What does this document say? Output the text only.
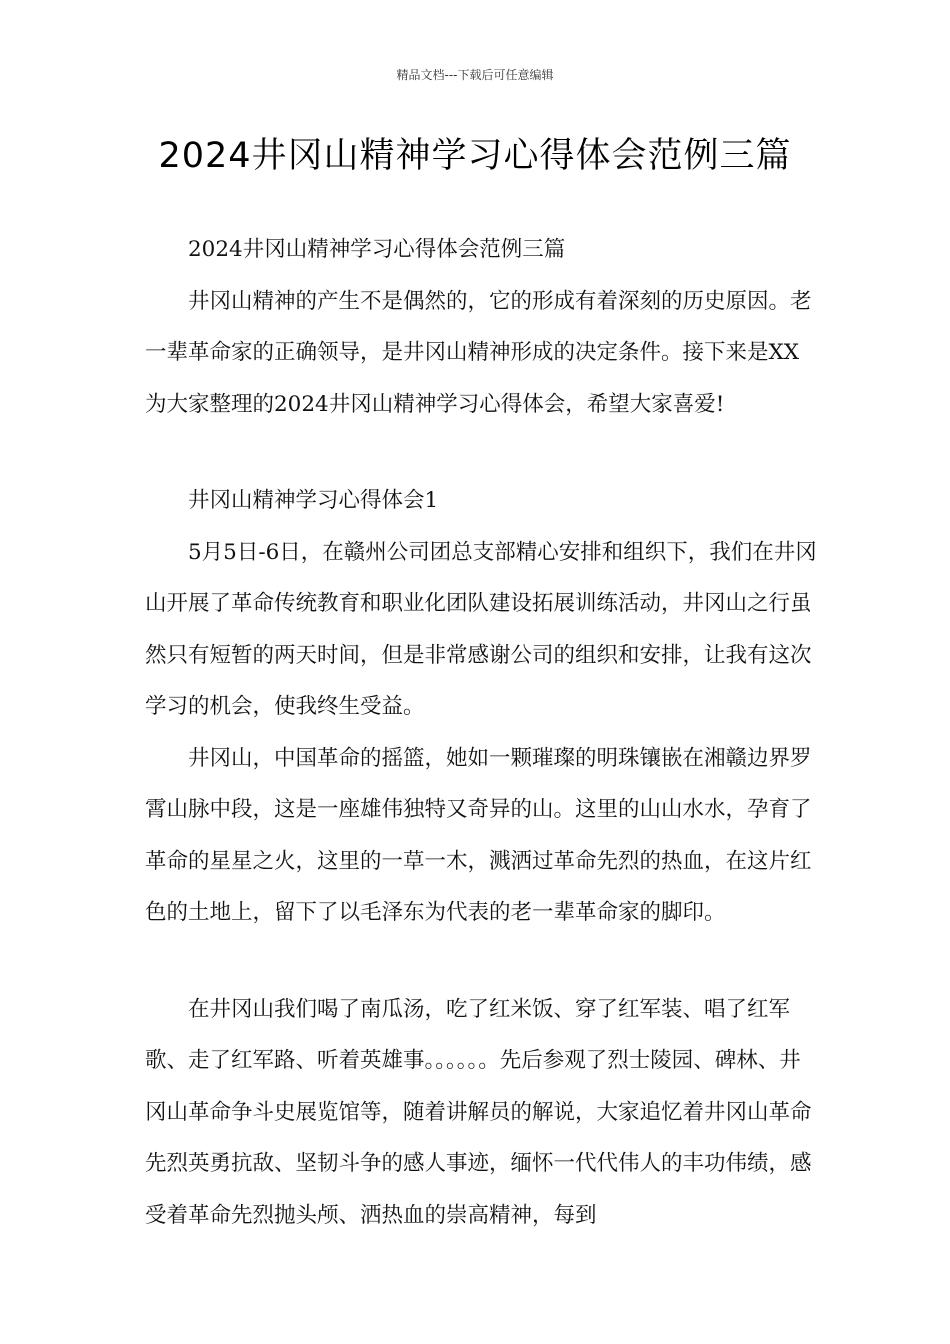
精品文档---下载后可任意编辑
2024井冈山精神学习心得体会范例三篇

2024井冈山精神学习心得体会范例三篇

井冈山精神的产生不是偶然的，它的形成有着深刻的历史原因。老一辈革命家的正确领导，是井冈山精神形成的决定条件。接下来是XX为大家整理的2024井冈山精神学习心得体会，希望大家喜爱!

井冈山精神学习心得体会1

5月5日-6日，在赣州公司团总支部精心安排和组织下，我们在井冈山开展了革命传统教育和职业化团队建设拓展训练活动，井冈山之行虽然只有短暂的两天时间，但是非常感谢公司的组织和安排，让我有这次学习的机会，使我终生受益。

井冈山，中国革命的摇篮，她如一颗璀璨的明珠镶嵌在湘赣边界罗霄山脉中段，这是一座雄伟独特又奇异的山。这里的山山水水，孕育了革命的星星之火，这里的一草一木，溅洒过革命先烈的热血，在这片红色的土地上，留下了以毛泽东为代表的老一辈革命家的脚印。

在井冈山我们喝了南瓜汤，吃了红米饭、穿了红军装、唱了红军歌、走了红军路、听着英雄事。。。。。。先后参观了烈士陵园、碑林、井冈山革命争斗史展览馆等，随着讲解员的解说，大家追忆着井冈山革命先烈英勇抗敌、坚韧斗争的感人事迹，缅怀一代代伟人的丰功伟绩，感受着革命先烈抛头颅、洒热血的崇高精神，每到
